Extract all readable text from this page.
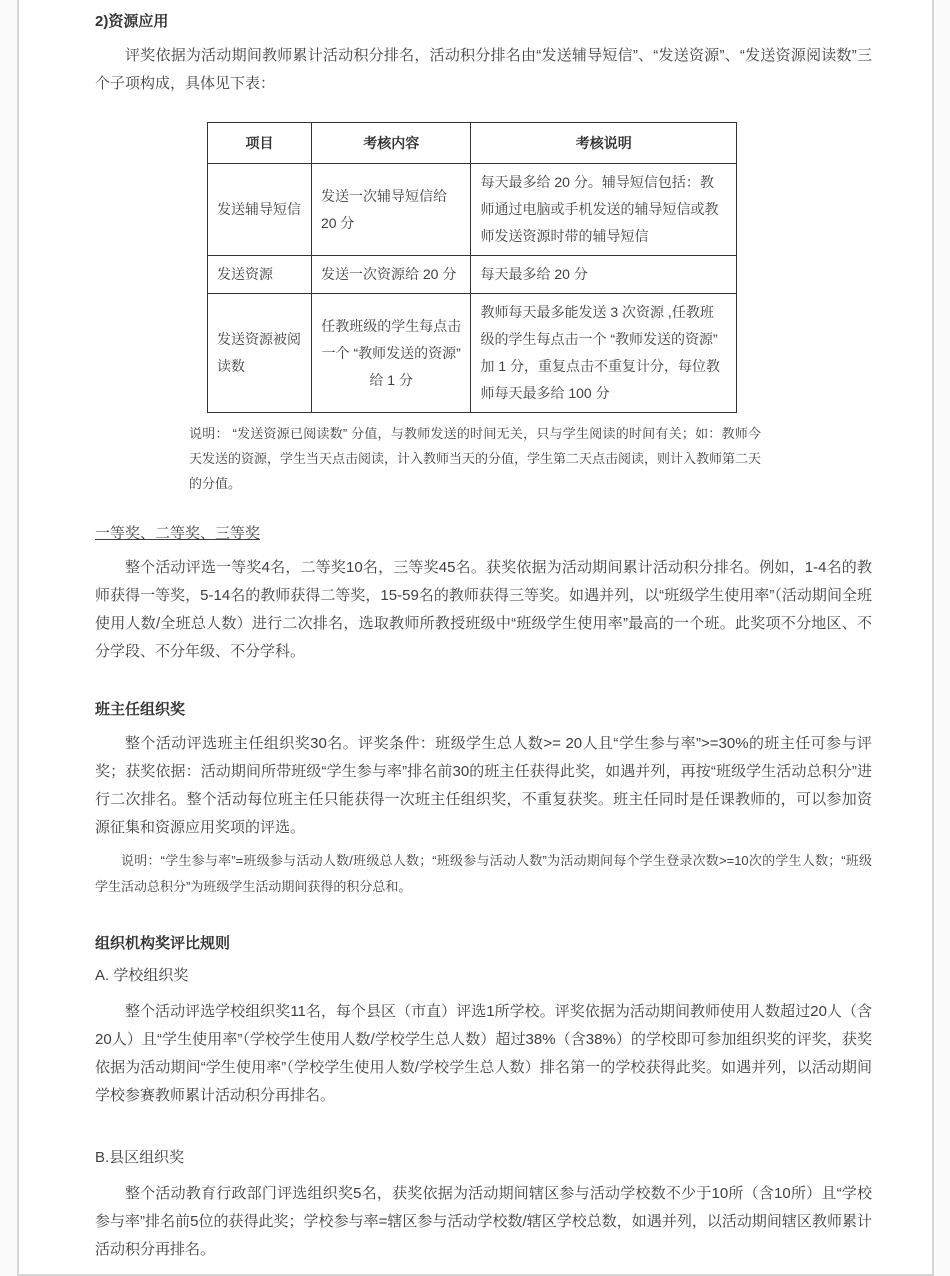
2)资源应用

评奖依据为活动期间教师累计活动积分排名，活动积分排名由“发送辅导短信”、“发送资源”、“发送资源阅读数”三个子项构成，具体见下表：

项目	考核内容	考核说明
发送辅导短信	发送一次辅导短信给 20 分	每天最多给 20 分。辅导短信包括：教师通过电脑或手机发送的辅导短信或教师发送资源时带的辅导短信
发送资源	发送一次资源给 20 分	每天最多给 20 分
发送资源被阅读数	任教班级的学生每点击一个 “教师发送的资源” 给 1 分	教师每天最多能发送 3 次资源 ,任教班级的学生每点击一个 “教师发送的资源” 加 1 分，重复点击不重复计分，每位教师每天最多给 100 分
说明： “发送资源已阅读数” 分值，与教师发送的时间无关，只与学生阅读的时间有关；如：教师今天发送的资源，学生当天点击阅读，计入教师当天的分值，学生第二天点击阅读，则计入教师第二天的分值。
一等奖、二等奖、三等奖

整个活动评选一等奖4名，二等奖10名，三等奖45名。获奖依据为活动期间累计活动积分排名。例如，1-4名的教师获得一等奖，5-14名的教师获得二等奖，15-59名的教师获得三等奖。如遇并列，以“班级学生使用率”（活动期间全班使用人数/全班总人数）进行二次排名，选取教师所教授班级中“班级学生使用率”最高的一个班。此奖项不分地区、不分学段、不分年级、不分学科。

班主任组织奖

整个活动评选班主任组织奖30名。评奖条件：班级学生总人数>= 20人且“学生参与率”>=30%的班主任可参与评奖；获奖依据：活动期间所带班级“学生参与率”排名前30的班主任获得此奖，如遇并列，再按“班级学生活动总积分”进行二次排名。整个活动每位班主任只能获得一次班主任组织奖，不重复获奖。班主任同时是任课教师的，可以参加资源征集和资源应用奖项的评选。

说明：“学生参与率”=班级参与活动人数/班级总人数；“班级参与活动人数”为活动期间每个学生登录次数>=10次的学生人数；“班级学生活动总积分”为班级学生活动期间获得的积分总和。
组织机构奖评比规则
A. 学校组织奖

整个活动评选学校组织奖11名，每个县区（市直）评选1所学校。评奖依据为活动期间教师使用人数超过20人（含20人）且“学生使用率”（学校学生使用人数/学校学生总人数）超过38%（含38%）的学校即可参加组织奖的评奖，获奖依据为活动期间“学生使用率”（学校学生使用人数/学校学生总人数）排名第一的学校获得此奖。如遇并列，以活动期间学校参赛教师累计活动积分再排名。

B.县区组织奖

整个活动教育行政部门评选组织奖5名，获奖依据为活动期间辖区参与活动学校数不少于10所（含10所）且“学校参与率”排名前5位的获得此奖；学校参与率=辖区参与活动学校数/辖区学校总数，如遇并列，以活动期间辖区教师累计活动积分再排名。
